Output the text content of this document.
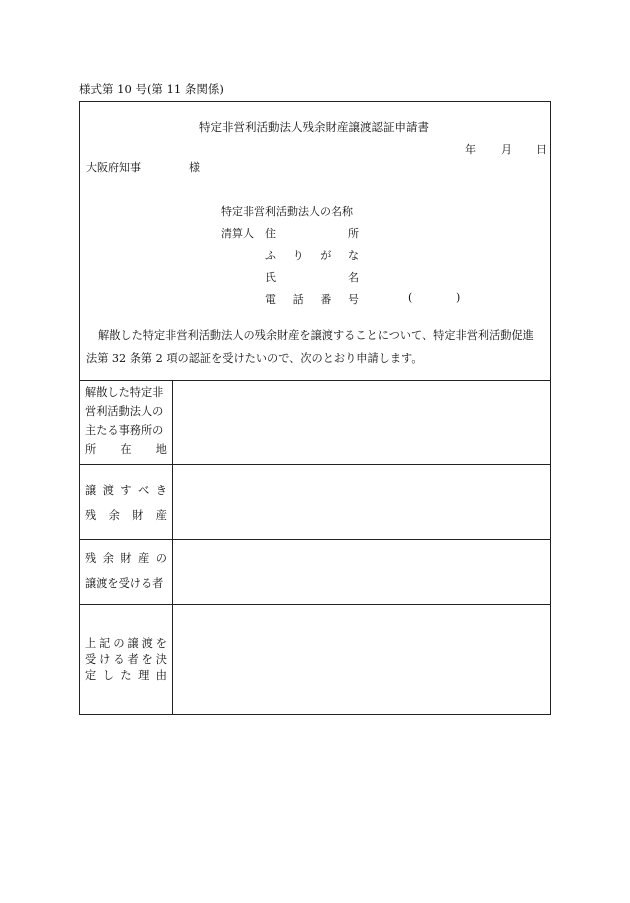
様式第 10 号(第 11 条関係)
特定非営利活動法人残余財産譲渡認証申請書
年 月 日
大阪府知事	様
特定非営利活動法人の名称
清算人 住	所
ふ り が な
氏	名
電 話 番 号	(	)
解散した特定非営利活動法人の残余財産を譲渡することについて、特定非営利活動促進法第 32 条第 2 項の認証を受けたいので、次のとおり申請します。
解散した特定非
営利活動法人の
主たる事務所の
所 在 地
譲 渡 す べ き
残 余 財 産
残 余 財 産 の
譲渡を受ける者
上 記 の 譲 渡 を
受 け る 者 を 決
定 し た 理 由
